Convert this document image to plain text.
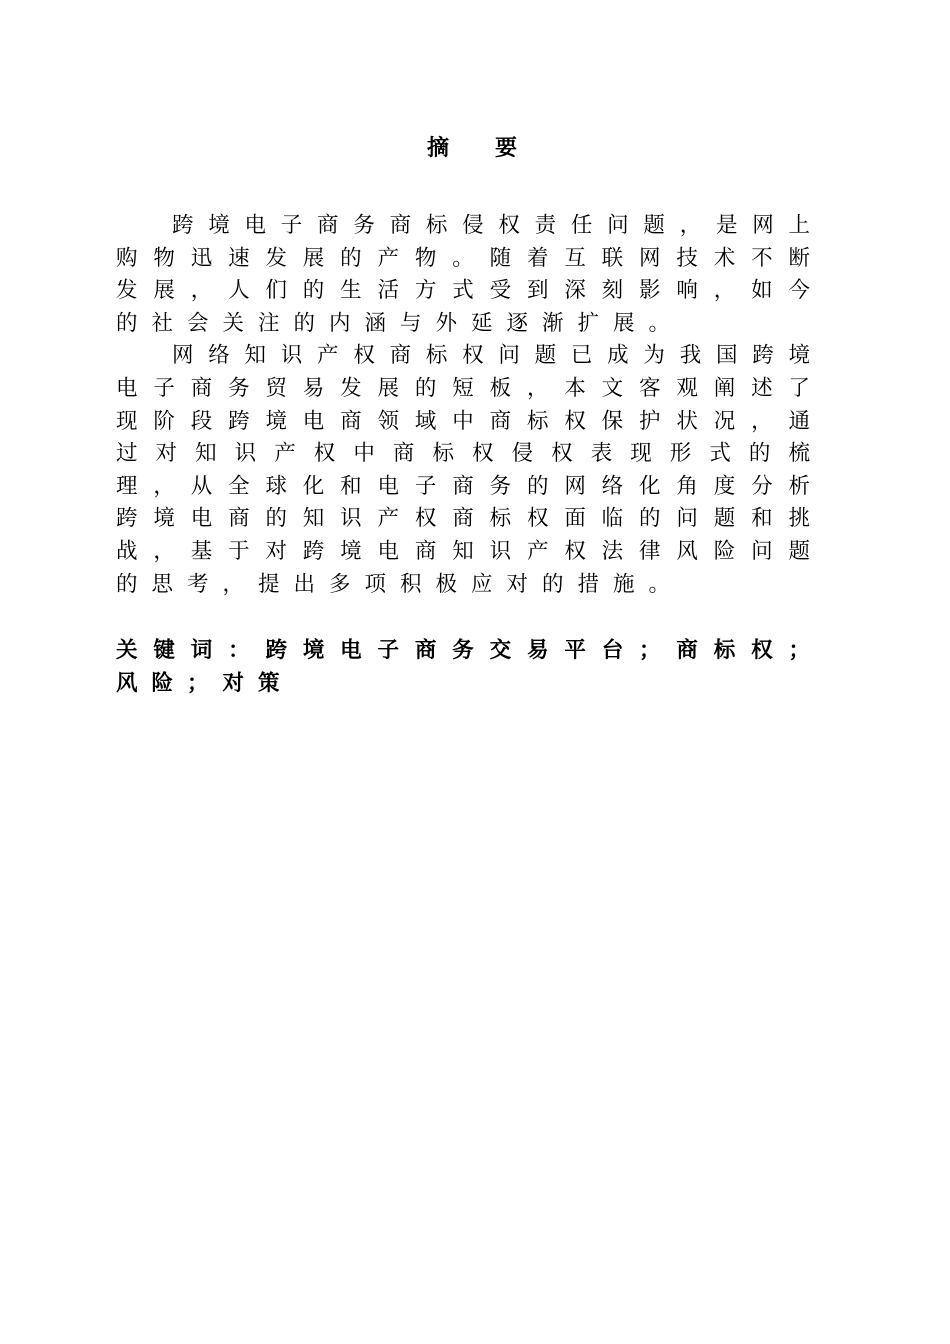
摘要

跨境电子商务商标侵权责任问题，是网上购物迅速发展的产物。随着互联网技术不断发展，人们的生活方式受到深刻影响，如今的社会关注的内涵与外延逐渐扩展。

网络知识产权商标权问题已成为我国跨境电子商务贸易发展的短板，本文客观阐述了现阶段跨境电商领域中商标权保护状况，通过对知识产权中商标权侵权表现形式的梳理，从全球化和电子商务的网络化角度分析跨境电商的知识产权商标权面临的问题和挑战，基于对跨境电商知识产权法律风险问题的思考，提出多项积极应对的措施。

关键词：跨境电子商务交易平台；商标权；风险；对策
